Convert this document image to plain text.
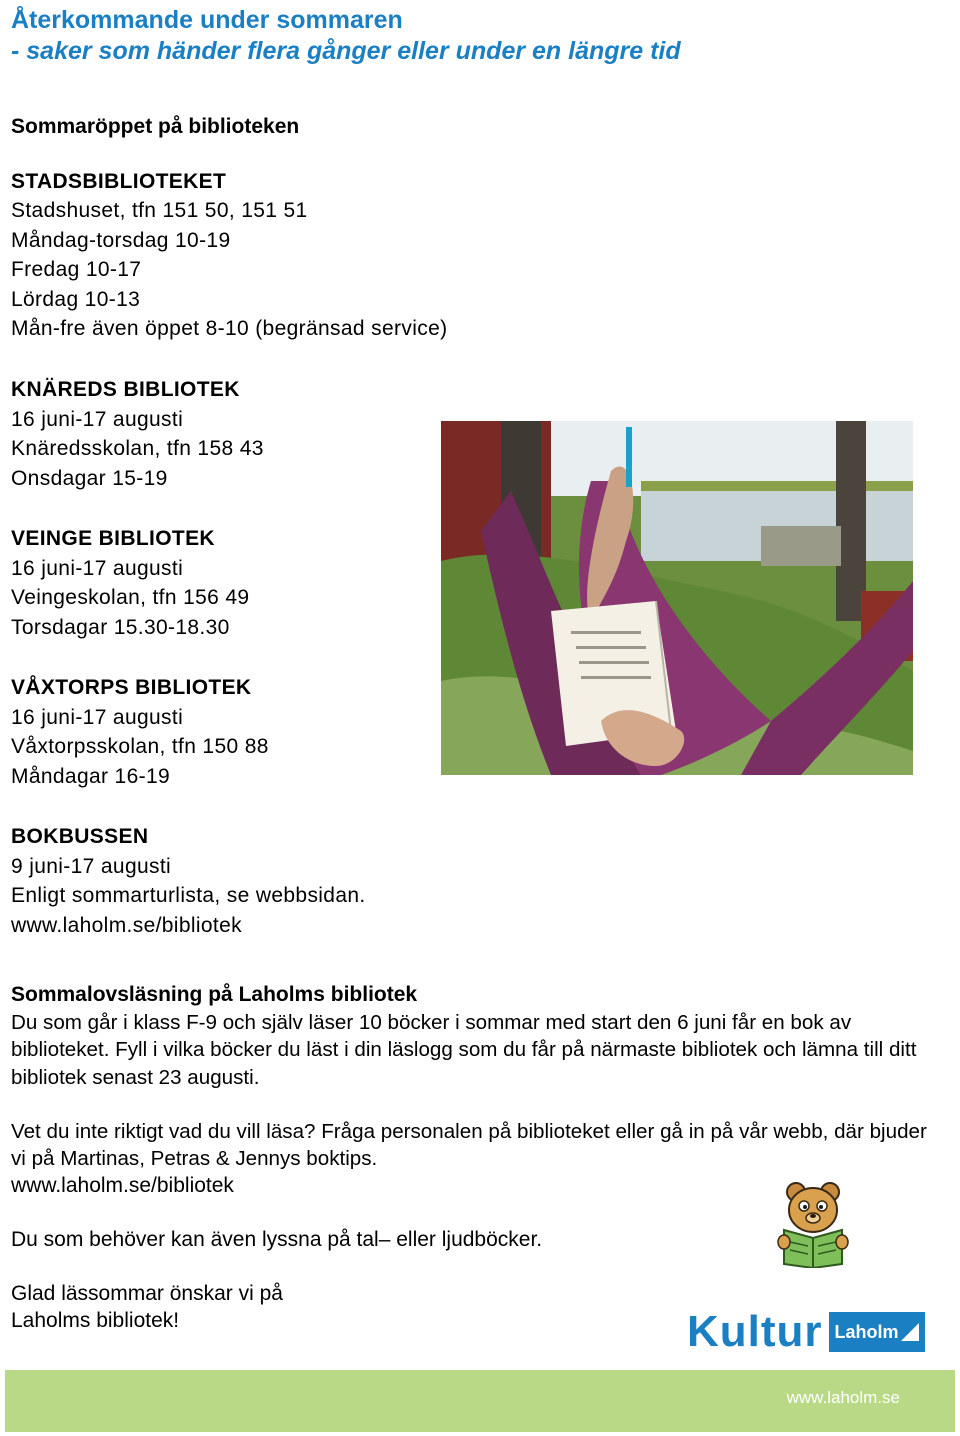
Återkommande under sommaren
- saker som händer flera gånger eller under en längre tid
Sommaröppet på biblioteken
STADSBIBLIOTEKET
Stadshuset, tfn 151 50, 151 51
Måndag-torsdag 10-19
Fredag 10-17
Lördag 10-13
Mån-fre även öppet 8-10 (begränsad service)
KNÄREDS BIBLIOTEK
16 juni-17 augusti
Knäredsskolan, tfn 158 43
Onsdagar 15-19
VEINGE BIBLIOTEK
16 juni-17 augusti
Veingeskolan, tfn 156 49
Torsdagar 15.30-18.30
VÅXTORPS BIBLIOTEK
16 juni-17 augusti
Våxtorpsskolan, tfn 150 88
Måndagar 16-19
BOKBUSSEN
9 juni-17 augusti
Enligt sommarturlista, se webbsidan.
www.laholm.se/bibliotek
Sommalovsläsning på Laholms bibliotek

Du som går i klass F-9 och själv läser 10 böcker i sommar med start den 6 juni får en bok av biblioteket. Fyll i vilka böcker du läst i din läslogg som du får på närmaste bibliotek och lämna till ditt bibliotek senast 23 augusti.

Vet du inte riktigt vad du vill läsa? Fråga personalen på biblioteket eller gå in på vår webb, där bjuder vi på Martinas, Petras & Jennys boktips.

www.laholm.se/bibliotek
Du som behöver kan även lyssna på tal– eller ljudböcker.
Glad lässommar önskar vi på
Laholms bibliotek!	Kultur Laholm
www.laholm.se
